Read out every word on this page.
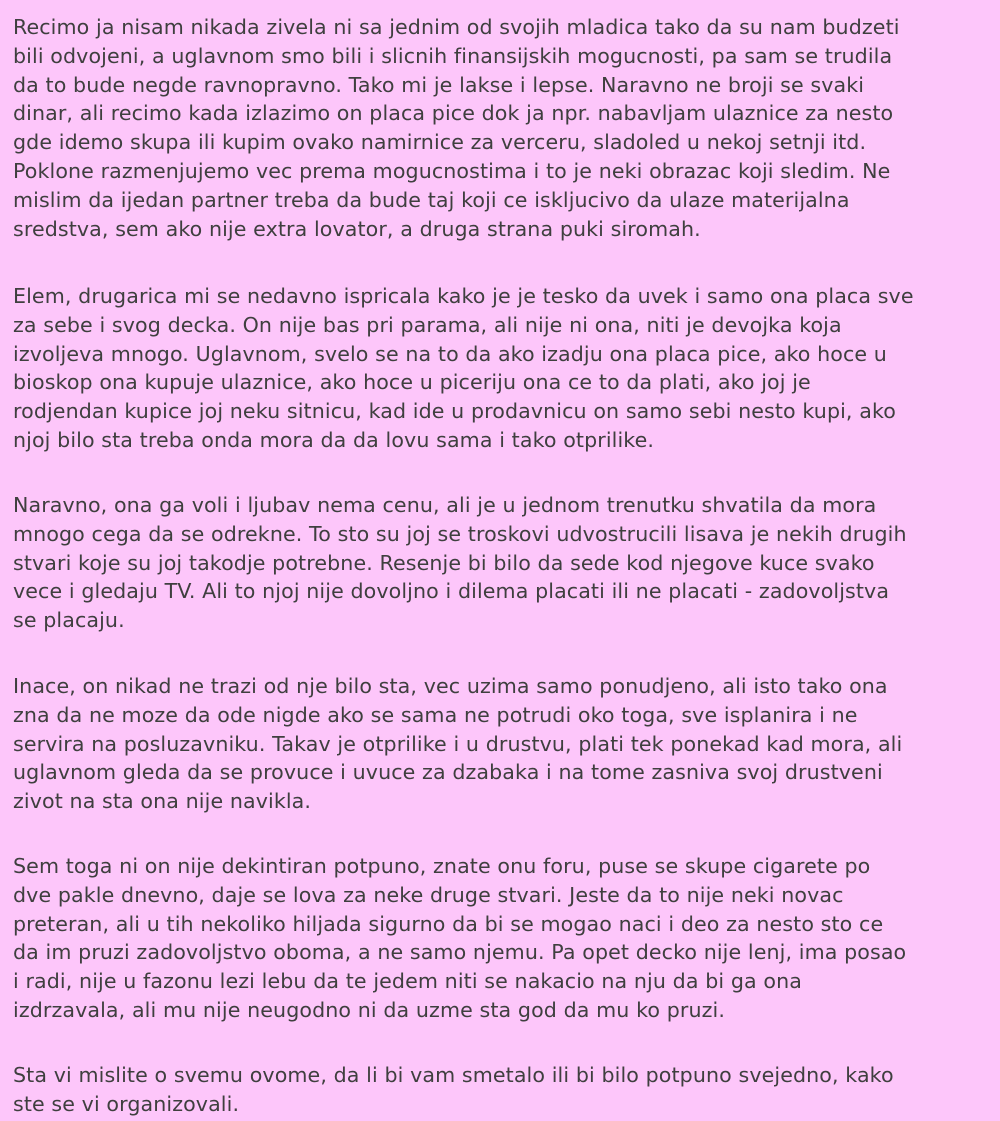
Recimo ja nisam nikada zivela ni sa jednim od svojih mladica tako da su nam budzeti
bili odvojeni, a uglavnom smo bili i slicnih finansijskih mogucnosti, pa sam se trudila
da to bude negde ravnopravno. Tako mi je lakse i lepse. Naravno ne broji se svaki
dinar, ali recimo kada izlazimo on placa pice dok ja npr. nabavljam ulaznice za nesto
gde idemo skupa ili kupim ovako namirnice za verceru, sladoled u nekoj setnji itd.
Poklone razmenjujemo vec prema mogucnostima i to je neki obrazac koji sledim. Ne
mislim da ijedan partner treba da bude taj koji ce iskljucivo da ulaze materijalna
sredstva, sem ako nije extra lovator, a druga strana puki siromah.

Elem, drugarica mi se nedavno ispricala kako je je tesko da uvek i samo ona placa sve
za sebe i svog decka. On nije bas pri parama, ali nije ni ona, niti je devojka koja
izvoljeva mnogo. Uglavnom, svelo se na to da ako izadju ona placa pice, ako hoce u
bioskop ona kupuje ulaznice, ako hoce u piceriju ona ce to da plati, ako joj je
rodjendan kupice joj neku sitnicu, kad ide u prodavnicu on samo sebi nesto kupi, ako
njoj bilo sta treba onda mora da da lovu sama i tako otprilike.

Naravno, ona ga voli i ljubav nema cenu, ali je u jednom trenutku shvatila da mora
mnogo cega da se odrekne. To sto su joj se troskovi udvostrucili lisava je nekih drugih
stvari koje su joj takodje potrebne. Resenje bi bilo da sede kod njegove kuce svako
vece i gledaju TV. Ali to njoj nije dovoljno i dilema placati ili ne placati - zadovoljstva
se placaju.

Inace, on nikad ne trazi od nje bilo sta, vec uzima samo ponudjeno, ali isto tako ona
zna da ne moze da ode nigde ako se sama ne potrudi oko toga, sve isplanira i ne
servira na posluzavniku. Takav je otprilike i u drustvu, plati tek ponekad kad mora, ali
uglavnom gleda da se provuce i uvuce za dzabaka i na tome zasniva svoj drustveni
zivot na sta ona nije navikla.

Sem toga ni on nije dekintiran potpuno, znate onu foru, puse se skupe cigarete po
dve pakle dnevno, daje se lova za neke druge stvari. Jeste da to nije neki novac
preteran, ali u tih nekoliko hiljada sigurno da bi se mogao naci i deo za nesto sto ce
da im pruzi zadovoljstvo oboma, a ne samo njemu. Pa opet decko nije lenj, ima posao
i radi, nije u fazonu lezi lebu da te jedem niti se nakacio na nju da bi ga ona
izdrzavala, ali mu nije neugodno ni da uzme sta god da mu ko pruzi.

Sta vi mislite o svemu ovome, da li bi vam smetalo ili bi bilo potpuno svejedno, kako
ste se vi organizovali.
